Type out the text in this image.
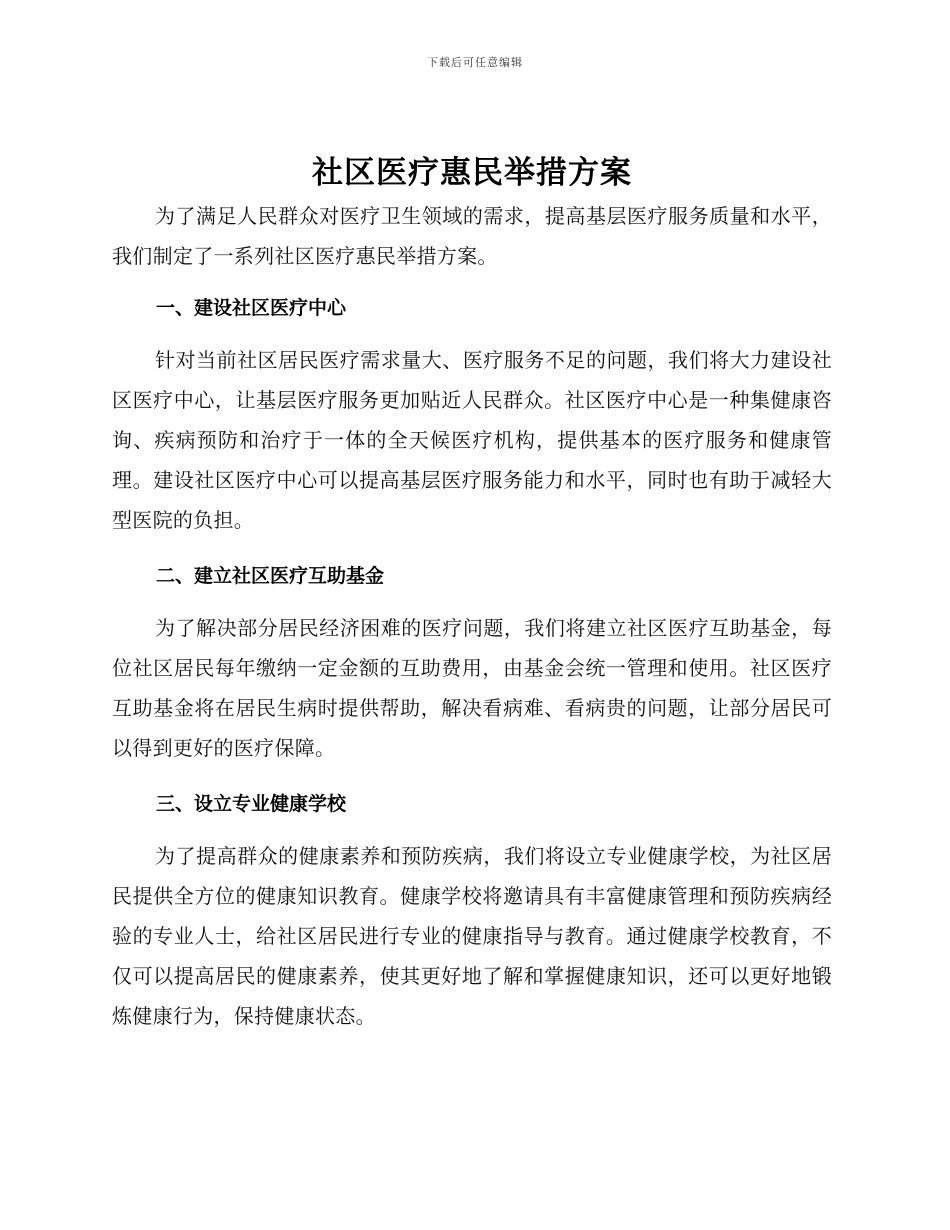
下载后可任意编辑
社区医疗惠民举措方案

为了满足人民群众对医疗卫生领域的需求，提高基层医疗服务质量和水平，我们制定了一系列社区医疗惠民举措方案。

一、建设社区医疗中心

针对当前社区居民医疗需求量大、医疗服务不足的问题，我们将大力建设社区医疗中心，让基层医疗服务更加贴近人民群众。社区医疗中心是一种集健康咨询、疾病预防和治疗于一体的全天候医疗机构，提供基本的医疗服务和健康管理。建设社区医疗中心可以提高基层医疗服务能力和水平，同时也有助于减轻大型医院的负担。

二、建立社区医疗互助基金

为了解决部分居民经济困难的医疗问题，我们将建立社区医疗互助基金，每位社区居民每年缴纳一定金额的互助费用，由基金会统一管理和使用。社区医疗互助基金将在居民生病时提供帮助，解决看病难、看病贵的问题，让部分居民可以得到更好的医疗保障。

三、设立专业健康学校

为了提高群众的健康素养和预防疾病，我们将设立专业健康学校，为社区居民提供全方位的健康知识教育。健康学校将邀请具有丰富健康管理和预防疾病经验的专业人士，给社区居民进行专业的健康指导与教育。通过健康学校教育，不仅可以提高居民的健康素养，使其更好地了解和掌握健康知识，还可以更好地锻炼健康行为，保持健康状态。
